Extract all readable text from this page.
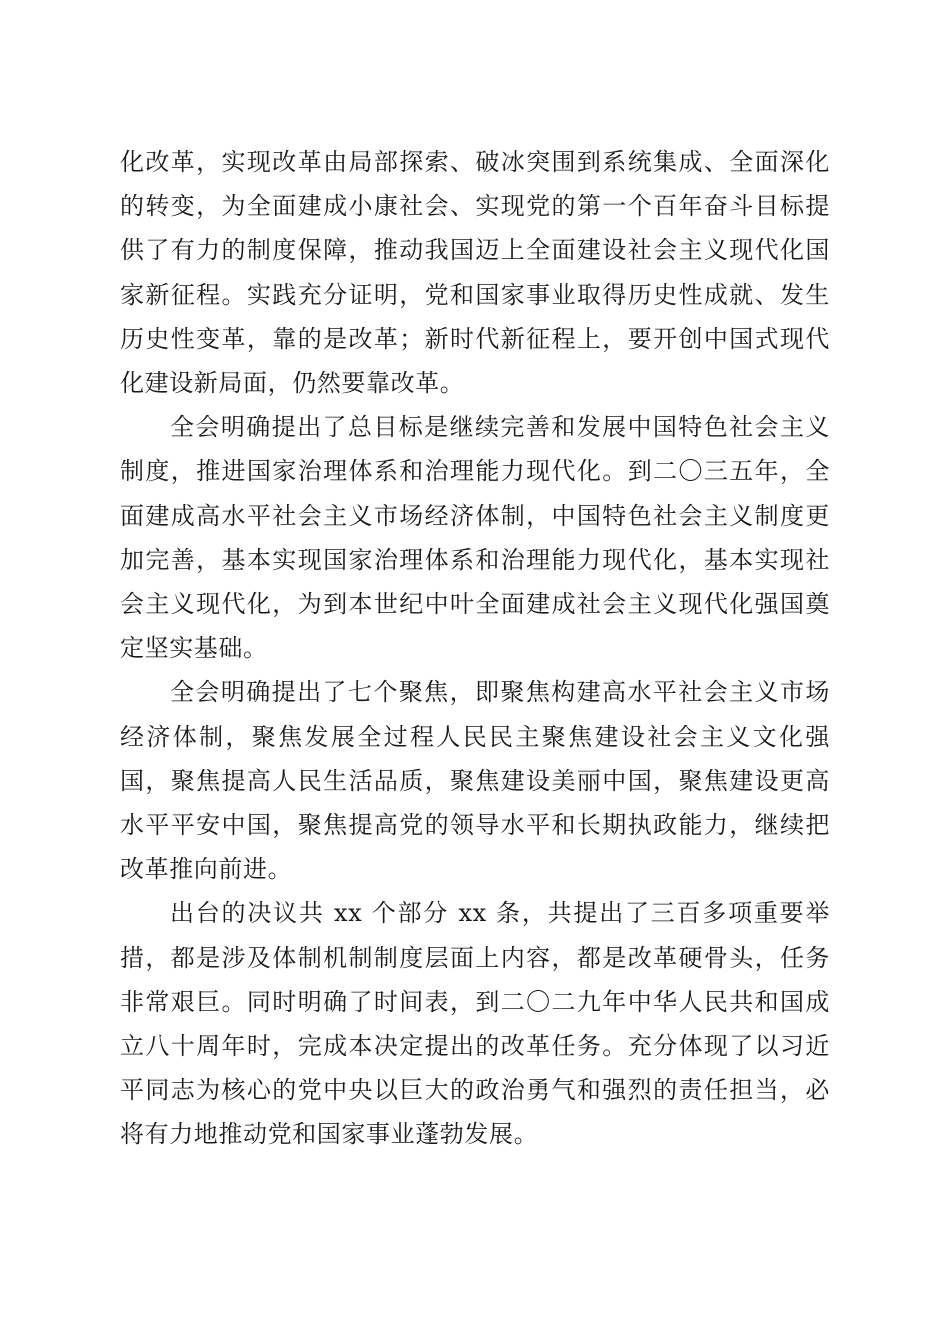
化改革，实现改革由局部探索、破冰突围到系统集成、全面深化的转变，为全面建成小康社会、实现党的第一个百年奋斗目标提供了有力的制度保障，推动我国迈上全面建设社会主义现代化国家新征程。实践充分证明，党和国家事业取得历史性成就、发生历史性变革，靠的是改革；新时代新征程上，要开创中国式现代化建设新局面，仍然要靠改革。

全会明确提出了总目标是继续完善和发展中国特色社会主义制度，推进国家治理体系和治理能力现代化。到二〇三五年，全面建成高水平社会主义市场经济体制，中国特色社会主义制度更加完善，基本实现国家治理体系和治理能力现代化，基本实现社会主义现代化，为到本世纪中叶全面建成社会主义现代化强国奠定坚实基础。

全会明确提出了七个聚焦，即聚焦构建高水平社会主义市场经济体制，聚焦发展全过程人民民主聚焦建设社会主义文化强国，聚焦提高人民生活品质，聚焦建设美丽中国，聚焦建设更高水平平安中国，聚焦提高党的领导水平和长期执政能力，继续把改革推向前进。

出台的决议共 xx 个部分 xx 条，共提出了三百多项重要举措，都是涉及体制机制制度层面上内容，都是改革硬骨头，任务非常艰巨。同时明确了时间表，到二〇二九年中华人民共和国成立八十周年时，完成本决定提出的改革任务。充分体现了以习近平同志为核心的党中央以巨大的政治勇气和强烈的责任担当，必将有力地推动党和国家事业蓬勃发展。
